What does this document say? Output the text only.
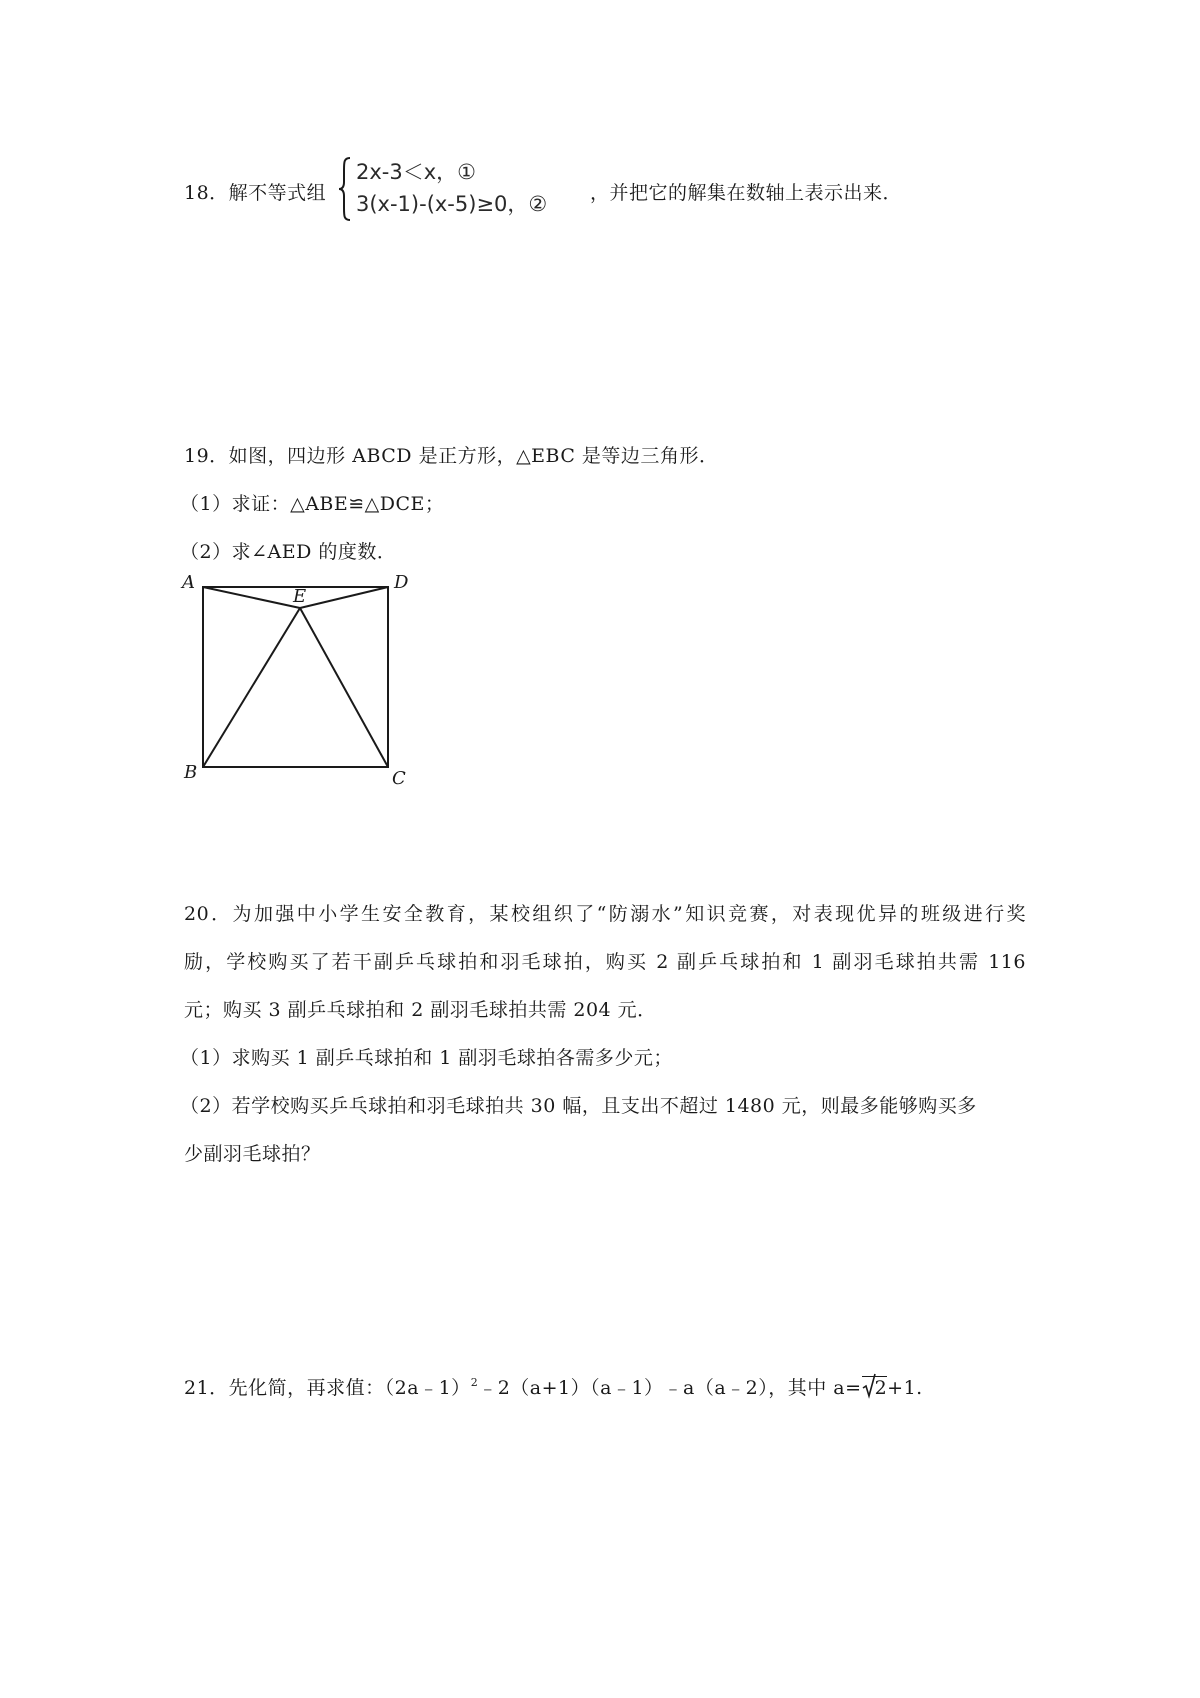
18．解不等式组
2x-3＜x，①
3(x-1)-(x-5)≥0，② ，并把它的解集在数轴上表示出来．
19．如图，四边形 ABCD 是正方形，△EBC 是等边三角形．
（1）求证：△ABE≌△DCE；
（2）求∠AED 的度数．
A	D
E
B	C
20．为加强中小学生安全教育，某校组织了“防溺水”知识竞赛，对表现优异的班级进行奖
励，学校购买了若干副乒乓球拍和羽毛球拍，购买 2 副乒乓球拍和 1 副羽毛球拍共需 116
元；购买 3 副乒乓球拍和 2 副羽毛球拍共需 204 元．
（1）求购买 1 副乒乓球拍和 1 副羽毛球拍各需多少元；
（2）若学校购买乒乓球拍和羽毛球拍共 30 幅，且支出不超过 1480 元，则最多能够购买多
少副羽毛球拍？
21．先化简，再求值：（2a﹣1）$^2$﹣2（a+1）（a﹣1）﹣a（a﹣2），其中 a= 2+1.
